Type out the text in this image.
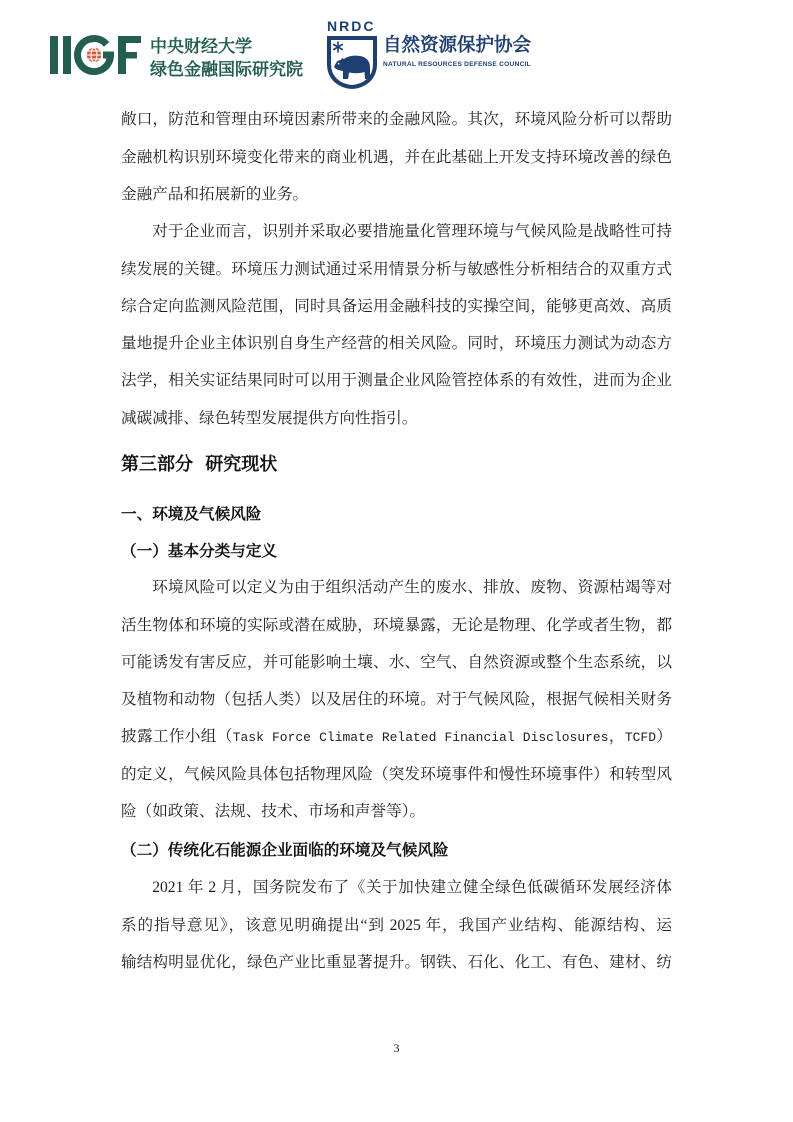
中央财经大学
绿色金融国际研究院
NRDC
自然资源保护协会
NATURAL RESOURCES DEFENSE COUNCIL
敞口，防范和管理由环境因素所带来的金融风险。其次，环境风险分析可以帮助
金融机构识别环境变化带来的商业机遇，并在此基础上开发支持环境改善的绿色
金融产品和拓展新的业务。
对于企业而言，识别并采取必要措施量化管理环境与气候风险是战略性可持
续发展的关键。环境压力测试通过采用情景分析与敏感性分析相结合的双重方式
综合定向监测风险范围，同时具备运用金融科技的实操空间，能够更高效、高质
量地提升企业主体识别自身生产经营的相关风险。同时，环境压力测试为动态方
法学，相关实证结果同时可以用于测量企业风险管控体系的有效性，进而为企业
减碳减排、绿色转型发展提供方向性指引。
第三部分 研究现状
一、环境及气候风险
（一）基本分类与定义
环境风险可以定义为由于组织活动产生的废水、排放、废物、资源枯竭等对
活生物体和环境的实际或潜在威胁，环境暴露，无论是物理、化学或者生物，都
可能诱发有害反应，并可能影响土壤、水、空气、自然资源或整个生态系统，以
及植物和动物（包括人类）以及居住的环境。对于气候风险，根据气候相关财务
披露工作小组（Task Force Climate Related Financial Disclosures，TCFD）
的定义，气候风险具体包括物理风险（突发环境事件和慢性环境事件）和转型风
险（如政策、法规、技术、市场和声誉等）。
（二）传统化石能源企业面临的环境及气候风险
2021 年 2 月，国务院发布了《关于加快建立健全绿色低碳循环发展经济体
系的指导意见》，该意见明确提出“到 2025 年，我国产业结构、能源结构、运
输结构明显优化，绿色产业比重显著提升。钢铁、石化、化工、有色、建材、纺
3
